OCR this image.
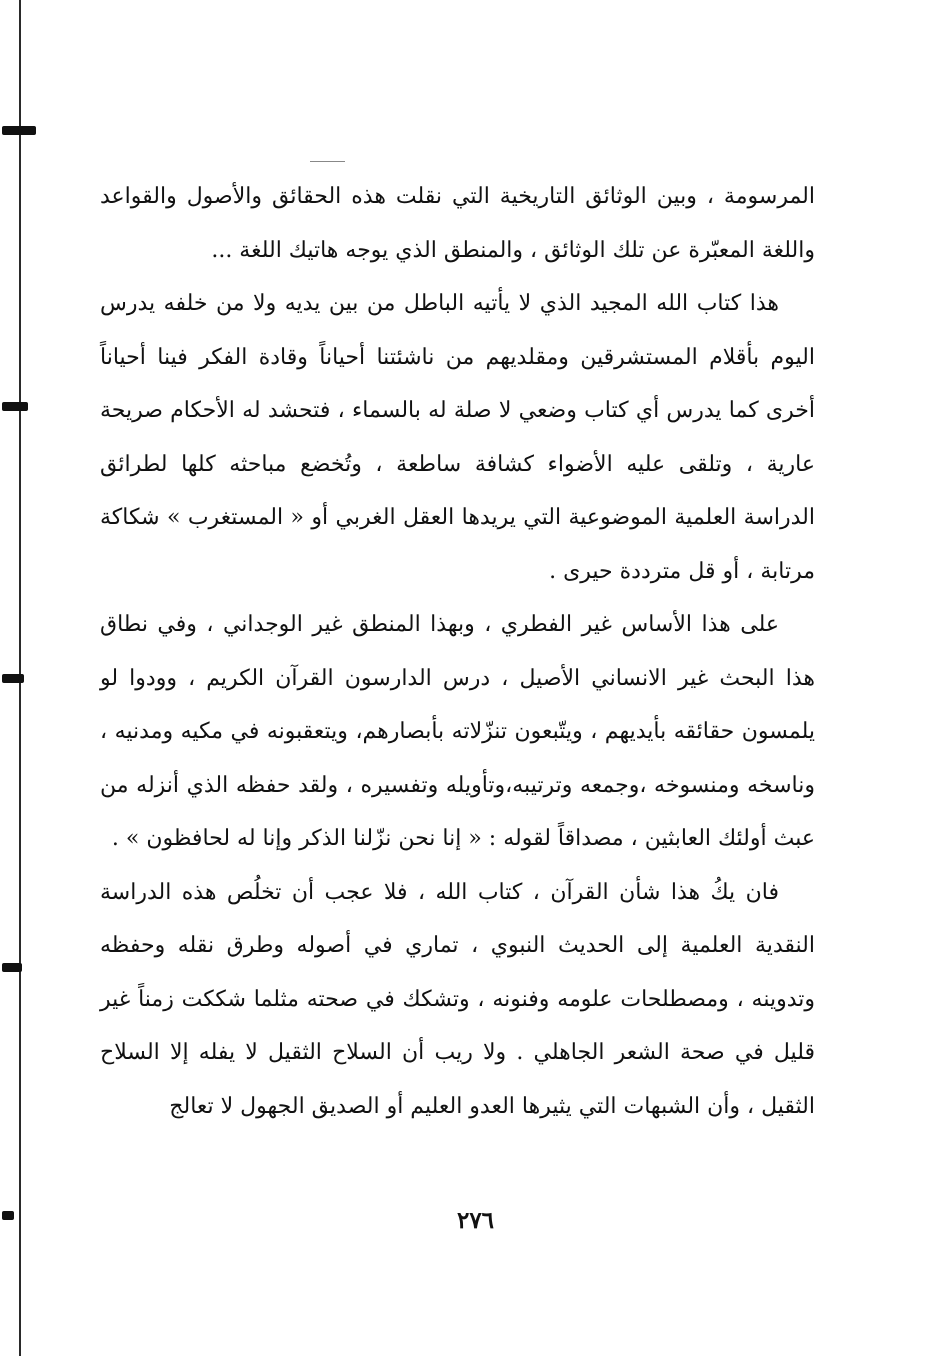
المرسومة ، وبين الوثائق التاريخية التي نقلت هذه الحقائق والأصول والقواعد واللغة المعبّرة عن تلك الوثائق ، والمنطق الذي يوجه هاتيك اللغة ...

هذا كتاب الله المجيد الذي لا يأتيه الباطل من بين يديه ولا من خلفه يدرس اليوم بأقلام المستشرقين ومقلديهم من ناشئتنا أحياناً وقادة الفكر فينا أحياناً أخرى كما يدرس أي كتاب وضعي لا صلة له بالسماء ، فتحشد له الأحكام صريحة عارية ، وتلقى عليه الأضواء كشافة ساطعة ، وتُخضع مباحثه كلها لطرائق الدراسة العلمية الموضوعية التي يريدها العقل الغربي أو « المستغرب » شكاكة مرتابة ، أو قل مترددة حيرى .

على هذا الأساس غير الفطري ، وبهذا المنطق غير الوجداني ، وفي نطاق هذا البحث غير الانساني الأصيل ، درس الدارسون القرآن الكريم ، وودوا لو يلمسون حقائقه بأيديهم ، ويتّبعون تنزّلاته بأبصارهم، ويتعقبونه في مكيه ومدنيه ، وناسخه ومنسوخه ،وجمعه وترتيبه،وتأويله وتفسيره ، ولقد حفظه الذي أنزله من عبث أولئك العابثين ، مصداقاً لقوله : « إنا نحن نزّلنا الذكر وإنا له لحافظون » .

فان يكُ هذا شأن القرآن ، كتاب الله ، فلا عجب أن تخلُص هذه الدراسة النقدية العلمية إلى الحديث النبوي ، تماري في أصوله وطرق نقله وحفظه وتدوينه ، ومصطلحات علومه وفنونه ، وتشكك في صحته مثلما شككت زمناً غير قليل في صحة الشعر الجاهلي . ولا ريب أن السلاح الثقيل لا يفله إلا السلاح الثقيل ، وأن الشبهات التي يثيرها العدو العليم أو الصديق الجهول لا تعالج

٢٧٦
